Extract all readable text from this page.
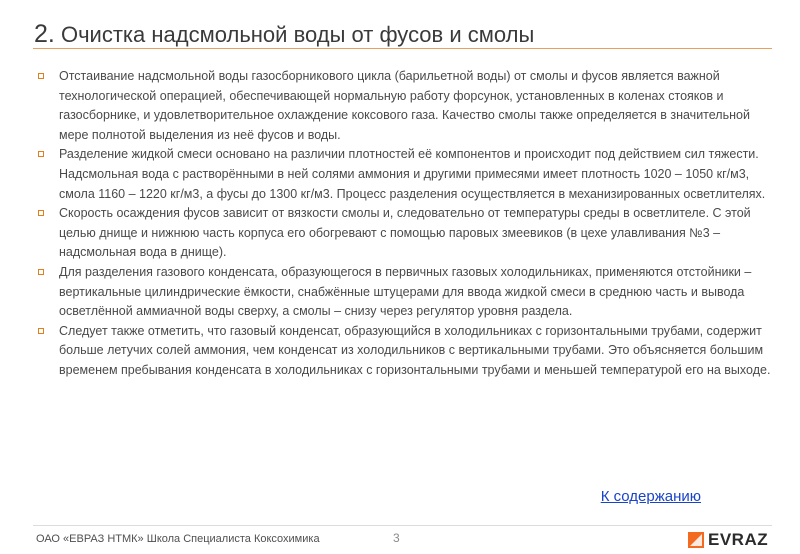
2. Очистка надсмольной воды от фусов и смолы
Отстаивание надсмольной воды газосборникового цикла (барильетной воды) от смолы и фусов является важной технологической операцией, обеспечивающей нормальную работу форсунок, установленных в коленах стояков и газосборнике, и удовлетворительное охлаждение коксового газа. Качество смолы также определяется в значительной мере полнотой выделения из неё фусов и воды.
Разделение жидкой смеси основано на различии плотностей её компонентов и происходит под действием сил тяжести. Надсмольная вода с растворёнными в ней солями аммония и другими примесями имеет плотность 1020 – 1050 кг/м3, смола 1160 – 1220 кг/м3, а фусы до 1300 кг/м3. Процесс разделения осуществляется в механизированных осветлителях.
Скорость осаждения фусов зависит от вязкости смолы и, следовательно от температуры среды в осветлителе. С этой целью днище и нижнюю часть корпуса его обогревают с помощью паровых змеевиков (в цехе улавливания №3 – надсмольная вода в днище).
Для разделения газового конденсата, образующегося в первичных газовых холодильниках, применяются отстойники – вертикальные цилиндрические ёмкости, снабжённые штуцерами для ввода жидкой смеси в среднюю часть и вывода осветлённой аммиачной воды сверху, а смолы – снизу через регулятор уровня раздела.
Следует также отметить, что газовый конденсат, образующийся в холодильниках с горизонтальными трубами, содержит больше летучих солей аммония, чем конденсат из холодильников с вертикальными трубами. Это объясняется большим временем пребывания конденсата в холодильниках с горизонтальными трубами и меньшей температурой его на выходе.
К содержанию
ОАО «ЕВРАЗ НТМК» Школа Специалиста Коксохимика	3	EVRAZ
